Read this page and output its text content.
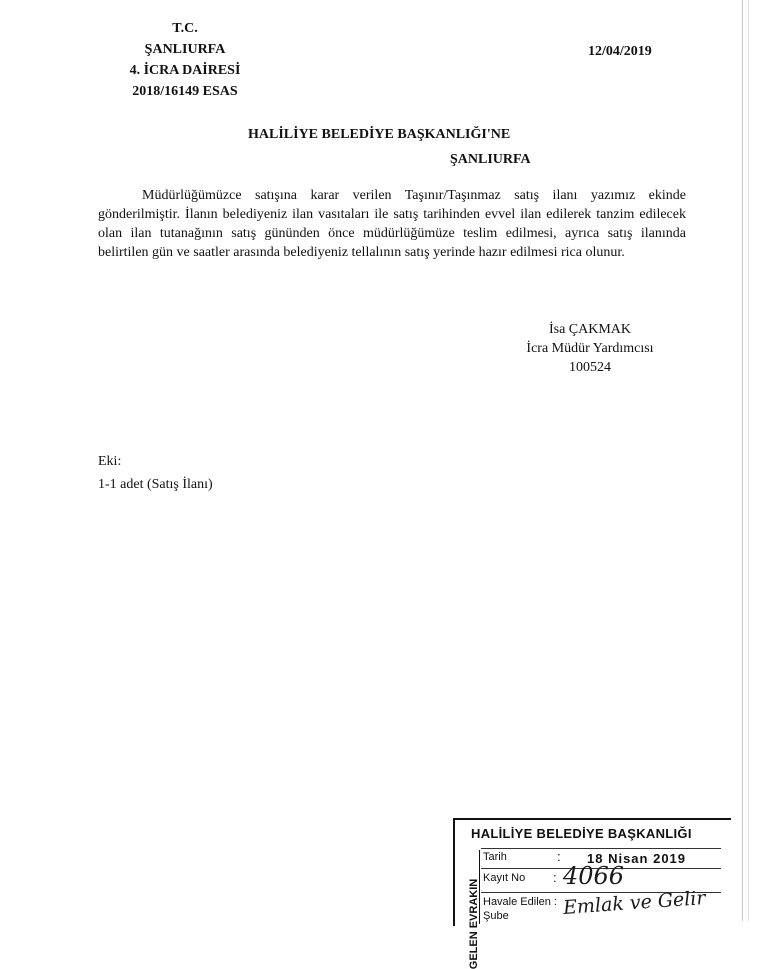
T.C.
ŞANLIURFA
4. İCRA DAİRESİ
2018/16149 ESAS
12/04/2019
HALİLİYE BELEDİYE BAŞKANLIĞI'NE
ŞANLIURFA
Müdürlüğümüzce satışına karar verilen Taşınır/Taşınmaz satış ilanı yazımız ekinde gönderilmiştir. İlanın belediyeniz ilan vasıtaları ile satış tarihinden evvel ilan edilerek tanzim edilecek olan ilan tutanağının satış gününden önce müdürlüğümüze teslim edilmesi, ayrıca satış ilanında belirtilen gün ve saatler arasında belediyeniz tellalının satış yerinde hazır edilmesi rica olunur.
İsa ÇAKMAK
İcra Müdür Yardımcısı
100524
Eki:
1-1 adet (Satış İlanı)
HALİLİYE BELEDİYE BAŞKANLIĞI
GELEN EVRAKIN
Tarih	: 18 Nisan 2019
Kayıt No : 4066
Havale Edilen :
Şube	Emlak ve Gelir
